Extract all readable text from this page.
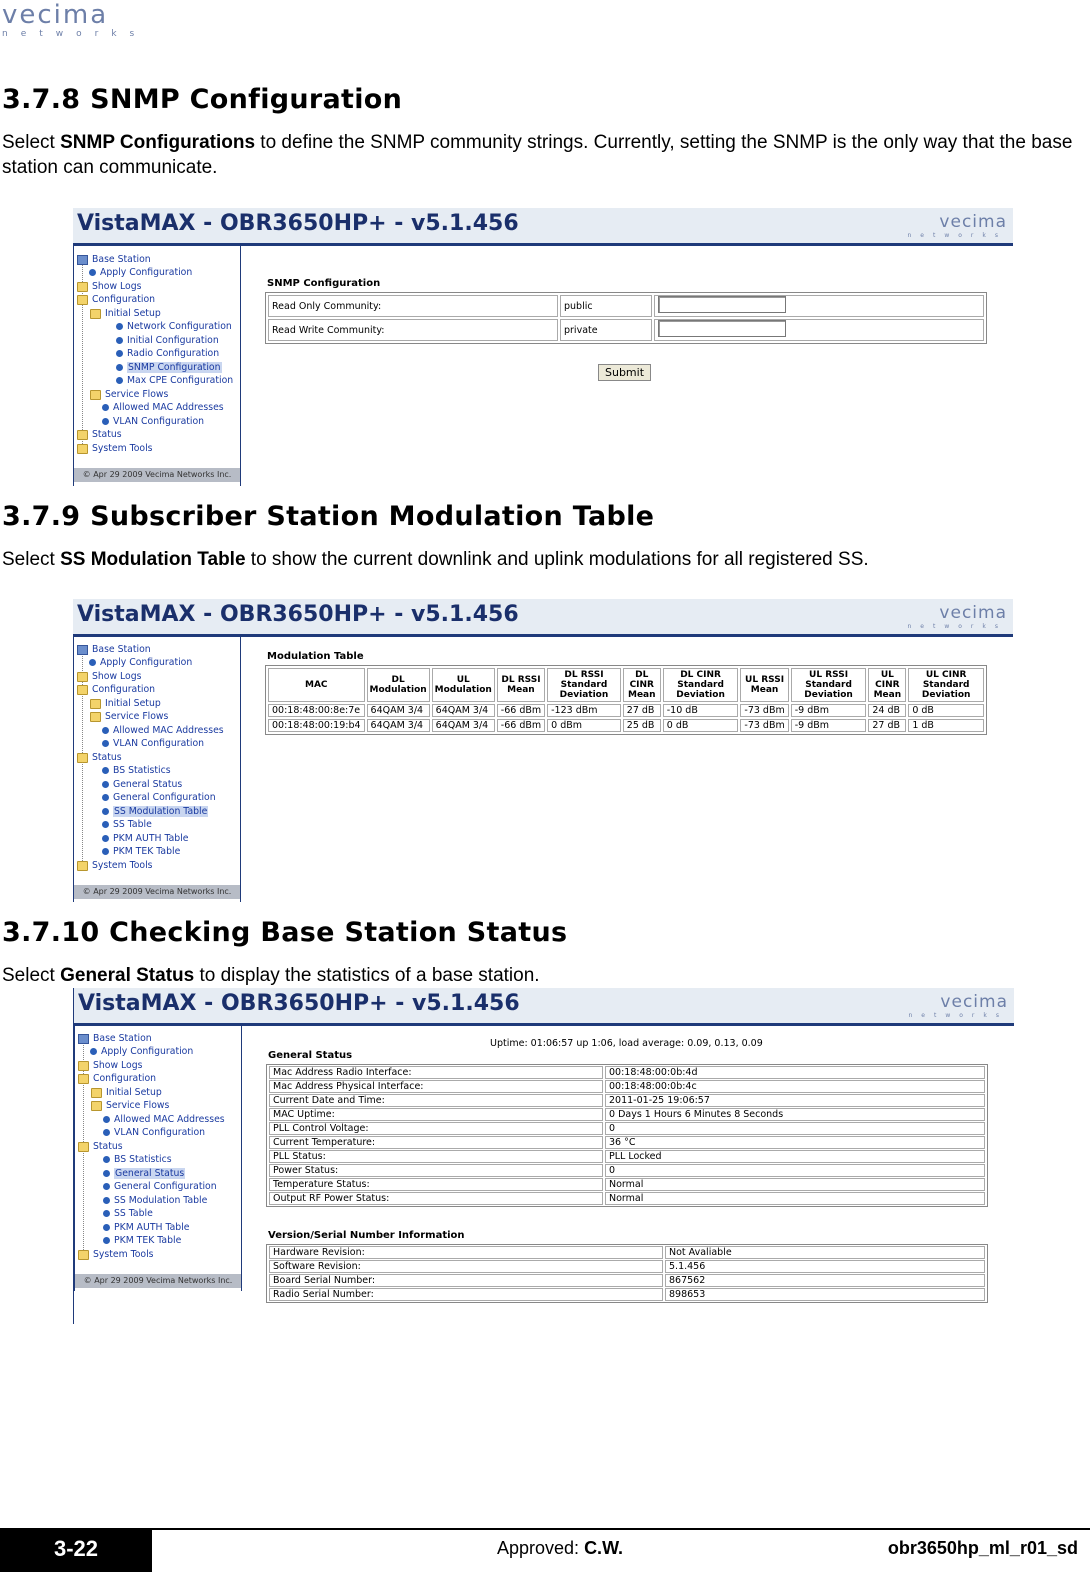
vecima
networks
3.7.8 SNMP Configuration

Select SNMP Configurations to define the SNMP community strings. Currently, setting the SNMP is the only way that the base station can communicate.

VistaMAX - OBR3650HP+ - v5.1.456	vecima
networks
Base Station
Apply Configuration
Show Logs
Configuration
Initial Setup
Network Configuration
Initial Configuration
Radio Configuration
SNMP Configuration
Max CPE Configuration
Service Flows
Allowed MAC Addresses
VLAN Configuration
Status
System Tools
© Apr 29 2009 Vecima Networks Inc.
SNMP Configuration
Read Only Community:	public	
Read Write Community:	private	
Submit
3.7.9 Subscriber Station Modulation Table

Select SS Modulation Table to show the current downlink and uplink modulations for all registered SS.

VistaMAX - OBR3650HP+ - v5.1.456	vecima
networks
Base Station
Apply Configuration
Show Logs
Configuration
Initial Setup
Service Flows
Allowed MAC Addresses
VLAN Configuration
Status
BS Statistics
General Status
General Configuration
SS Modulation Table
SS Table
PKM AUTH Table
PKM TEK Table
System Tools
© Apr 29 2009 Vecima Networks Inc.
Modulation Table
MAC	DL Modulation	UL Modulation	DL RSSI Mean	DL RSSI Standard Deviation	DL CINR Mean	DL CINR Standard Deviation	UL RSSI Mean	UL RSSI Standard Deviation	UL CINR Mean	UL CINR Standard Deviation
00:18:48:00:8e:7e	64QAM 3/4	64QAM 3/4	-66 dBm	-123 dBm	27 dB	-10 dB	-73 dBm	-9 dBm	24 dB	0 dB
00:18:48:00:19:b4	64QAM 3/4	64QAM 3/4	-66 dBm	0 dBm	25 dB	0 dB	-73 dBm	-9 dBm	27 dB	1 dB
3.7.10 Checking Base Station Status

Select General Status to display the statistics of a base station.

VistaMAX - OBR3650HP+ - v5.1.456	vecima
networks
Base Station
Apply Configuration
Show Logs
Configuration
Initial Setup
Service Flows
Allowed MAC Addresses
VLAN Configuration
Status
BS Statistics
General Status
General Configuration
SS Modulation Table
SS Table
PKM AUTH Table
PKM TEK Table
System Tools
© Apr 29 2009 Vecima Networks Inc.
Uptime: 01:06:57 up 1:06, load average: 0.09, 0.13, 0.09
General Status
Mac Address Radio Interface:	00:18:48:00:0b:4d
Mac Address Physical Interface:	00:18:48:00:0b:4c
Current Date and Time:	2011-01-25 19:06:57
MAC Uptime:	0 Days 1 Hours 6 Minutes 8 Seconds
PLL Control Voltage:	0
Current Temperature:	36 °C
PLL Status:	PLL Locked
Power Status:	0
Temperature Status:	Normal
Output RF Power Status:	Normal
Version/Serial Number Information
Hardware Revision:	Not Avaliable
Software Revision:	5.1.456
Board Serial Number:	867562
Radio Serial Number:	898653
3-22	Approved: C.W.	obr3650hp_ml_r01_sd
